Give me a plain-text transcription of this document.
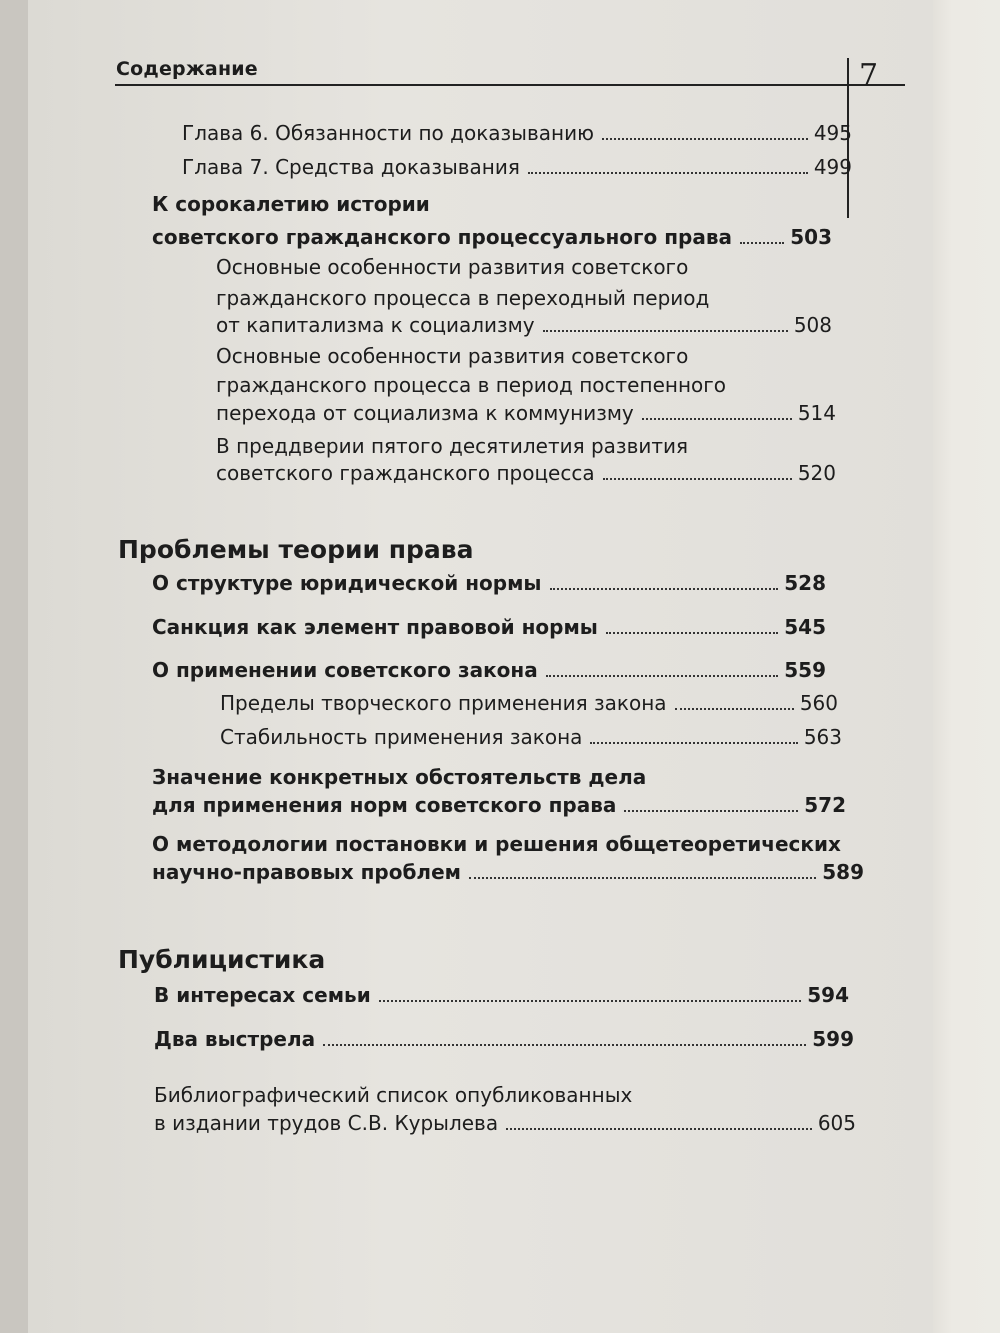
Содержание	7
Глава 6. Обязанности по доказыванию	495
Глава 7. Средства доказывания	499
К сорокалетию истории
советского гражданского процессуального права	503
Основные особенности развития советского
гражданского процесса в переходный период
от капитализма к социализму	508
Основные особенности развития советского
гражданского процесса в период постепенного
перехода от социализма к коммунизму	514
В преддверии пятого десятилетия развития
советского гражданского процесса	520
Проблемы теории права
О структуре юридической нормы	528
Санкция как элемент правовой нормы	545
О применении советского закона	559
Пределы творческого применения закона	560
Стабильность применения закона	563
Значение конкретных обстоятельств дела
для применения норм советского права	572
О методологии постановки и решения общетеоретических
научно-правовых проблем	589
Публицистика
В интересах семьи	594
Два выстрела	599
Библиографический список опубликованных
в издании трудов С.В. Курылева	605
